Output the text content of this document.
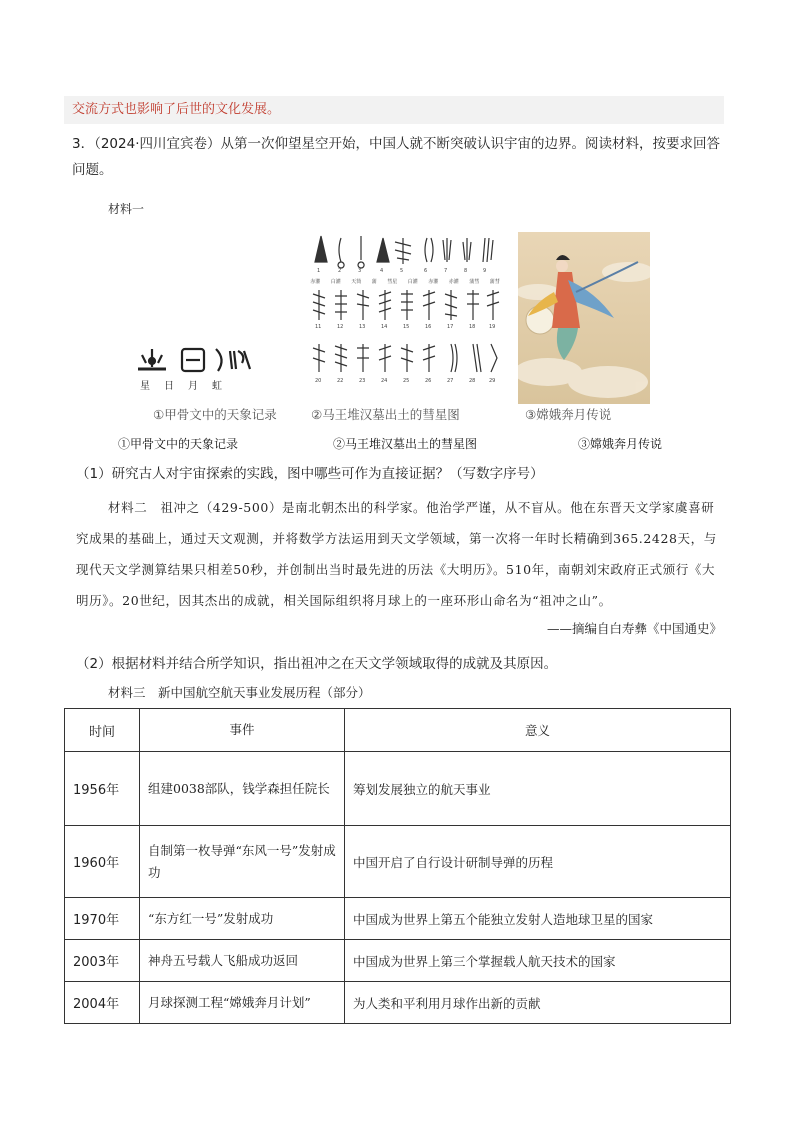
交流方式也影响了后世的文化发展。
3．（2024·四川宜宾卷）从第一次仰望星空开始，中国人就不断突破认识宇宙的边界。阅读材料，按要求回答问题。
材料一
星日月虹
1	2	3	4	5	6	7	8	9
11	12	13	14	15	16	17	18	19
20	22	23	24	25	26	27	28	29
赤灌 白灌 天筒 蒲 彗星 白灌 赤灌 赤灌 蒲彗 蒲彗
①甲骨文中的天象记录	②马王堆汉墓出土的彗星图	③嫦娥奔月传说
①甲骨文中的天象记录	②马王堆汉墓出土的彗星图	③嫦娥奔月传说
（1）研究古人对宇宙探索的实践，图中哪些可作为直接证据？（写数字序号）
材料二　祖冲之（429-500）是南北朝杰出的科学家。他治学严谨，从不盲从。他在东晋天文学家虞喜研究成果的基础上，通过天文观测，并将数学方法运用到天文学领域，第一次将一年时长精确到365.2428天，与现代天文学测算结果只相差50秒，并创制出当时最先进的历法《大明历》。510年，南朝刘宋政府正式颁行《大明历》。20世纪，因其杰出的成就，相关国际组织将月球上的一座环形山命名为“祖冲之山”。
——摘编自白寿彝《中国通史》
（2）根据材料并结合所学知识，指出祖冲之在天文学领域取得的成就及其原因。
材料三　新中国航空航天事业发展历程（部分）
时间	事件	意义
1956年	组建0038部队，钱学森担任院长	筹划发展独立的航天事业
1960年	自制第一枚导弹“东风一号”发射成功	中国开启了自行设计研制导弹的历程
1970年	“东方红一号”发射成功	中国成为世界上第五个能独立发射人造地球卫星的国家
2003年	神舟五号载人飞船成功返回	中国成为世界上第三个掌握载人航天技术的国家
2004年	月球探测工程“嫦娥奔月计划”	为人类和平利用月球作出新的贡献
